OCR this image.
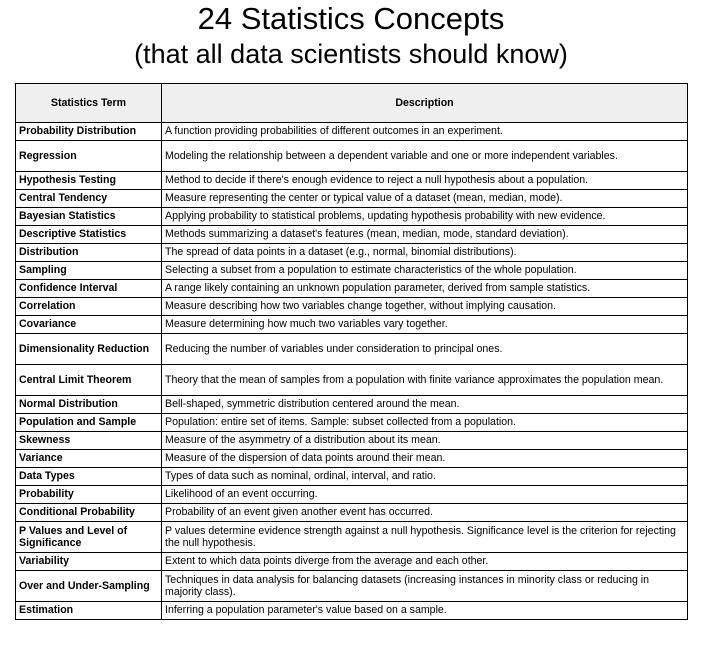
24 Statistics Concepts
(that all data scientists should know)
Statistics Term	Description
Probability Distribution	A function providing probabilities of different outcomes in an experiment.
Regression	Modeling the relationship between a dependent variable and one or more independent variables.
Hypothesis Testing	Method to decide if there's enough evidence to reject a null hypothesis about a population.
Central Tendency	Measure representing the center or typical value of a dataset (mean, median, mode).
Bayesian Statistics	Applying probability to statistical problems, updating hypothesis probability with new evidence.
Descriptive Statistics	Methods summarizing a dataset's features (mean, median, mode, standard deviation).
Distribution	The spread of data points in a dataset (e.g., normal, binomial distributions).
Sampling	Selecting a subset from a population to estimate characteristics of the whole population.
Confidence Interval	A range likely containing an unknown population parameter, derived from sample statistics.
Correlation	Measure describing how two variables change together, without implying causation.
Covariance	Measure determining how much two variables vary together.
Dimensionality Reduction	Reducing the number of variables under consideration to principal ones.
Central Limit Theorem	Theory that the mean of samples from a population with finite variance approximates the population mean.
Normal Distribution	Bell-shaped, symmetric distribution centered around the mean.
Population and Sample	Population: entire set of items. Sample: subset collected from a population.
Skewness	Measure of the asymmetry of a distribution about its mean.
Variance	Measure of the dispersion of data points around their mean.
Data Types	Types of data such as nominal, ordinal, interval, and ratio.
Probability	Likelihood of an event occurring.
Conditional Probability	Probability of an event given another event has occurred.
P Values and Level of Significance	P values determine evidence strength against a null hypothesis. Significance level is the criterion for rejecting the null hypothesis.
Variability	Extent to which data points diverge from the average and each other.
Over and Under-Sampling	Techniques in data analysis for balancing datasets (increasing instances in minority class or reducing in majority class).
Estimation	Inferring a population parameter's value based on a sample.
